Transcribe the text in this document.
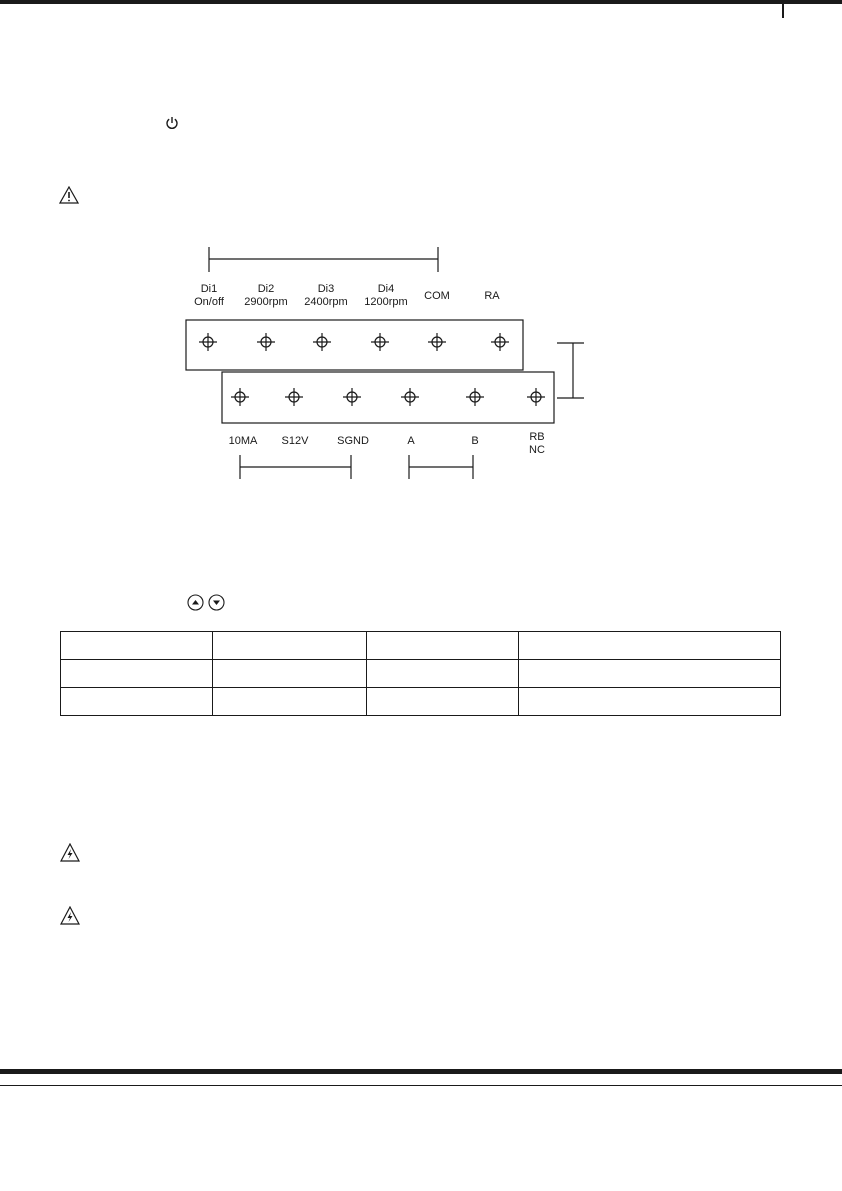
Di1
On/off
Di2
2900rpm
Di3
2400rpm
Di4
1200rpm COM	RA
10MA S12V	SGND	A	B	RB
NC
